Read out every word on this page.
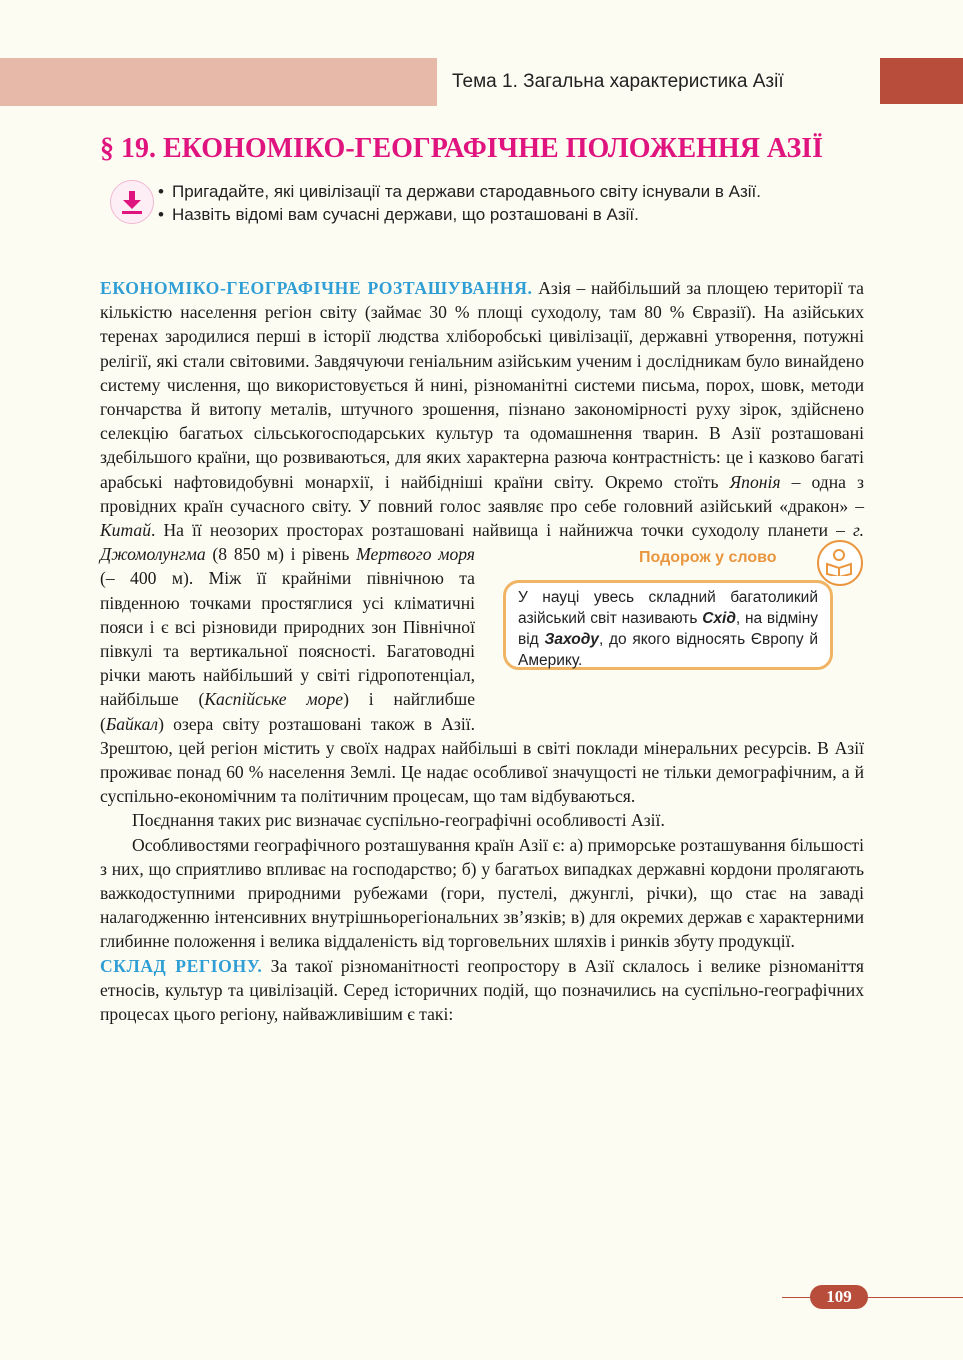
Тема 1. Загальна характеристика Азії
§ 19. ЕКОНОМІКО-ГЕОГРАФІЧНЕ ПОЛОЖЕННЯ АЗІЇ
• Пригадайте, які цивілізації та держави стародавнього світу існували в Азії.
• Назвіть відомі вам сучасні держави, що розташовані в Азії.

ЕКОНОМІКО-ГЕОГРАФІЧНЕ РОЗТАШУВАННЯ. Азія – найбільший за площею території та кількістю населення регіон світу (займає 30 % площі суходолу, там 80 % Євразії). На азійських теренах зародилися перші в історії людства хліборобські цивілізації, державні утворення, потужні релігії, які стали світовими. Завдячуючи геніальним азійським ученим і дослідникам було винайдено систему числення, що використовується й нині, різноманітні системи письма, порох, шовк, методи гончарства й витопу металів, штучного зрошення, пізнано закономірності руху зірок, здійснено селекцію багатьох сільськогосподарських культур та одомашнення тварин. В Азії розташовані здебільшого країни, що розвиваються, для яких характерна разюча контрастність: це і казково багаті арабські нафтовидобувні монархії, і найбідніші країни світу. Окремо стоїть Японія – одна з провідних країн сучасного світу. У повний голос заявляє про себе головний азійський «дракон» – Китай. На її неозорих просторах розташовані найвища і найнижча точки суходолу планети – г. Джомолунгма (8 850 м) і рівень Мертвого моря	Подорож у слово
У науці увесь складний багатоликий азійський світ називають Схід, на відміну від Заходу, до якого відносять Європу й Америку.
(– 400 м). Між її крайніми північною та південною точками простяглися усі кліматичні пояси і є всі різновиди природних зон Північної півкулі та вертикальної поясності. Багатоводні річки мають найбільший у світі гідропотенціал, найбільше (Каспійське море) і найглибше (Байкал) озера світу розташовані також в Азії. Зрештою, цей регіон містить у своїх надрах найбільші в світі поклади мінеральних ресурсів. В Азії проживає понад 60 % населення Землі. Це надає особливої значущості не тільки демографічним, а й суспільно-економічним та політичним процесам, що там відбуваються.

Поєднання таких рис визначає суспільно-географічні особливості Азії.

Особливостями географічного розташування країн Азії є: а) приморське розташування більшості з них, що сприятливо впливає на господарство; б) у багатьох випадках державні кордони пролягають важкодоступними природними рубежами (гори, пустелі, джунглі, річки), що стає на заваді налагодженню інтенсивних внутрішньорегіональних зв’язків; в) для окремих держав є характерними глибинне положення і велика віддаленість від торговельних шляхів і ринків збуту продукції.

СКЛАД РЕГІОНУ. За такої різноманітності геопростору в Азії склалось і велике різноманіття етносів, культур та цивілізацій. Серед історичних подій, що позначились на суспільно-географічних процесах цього регіону, найважливішим є такі:

109
